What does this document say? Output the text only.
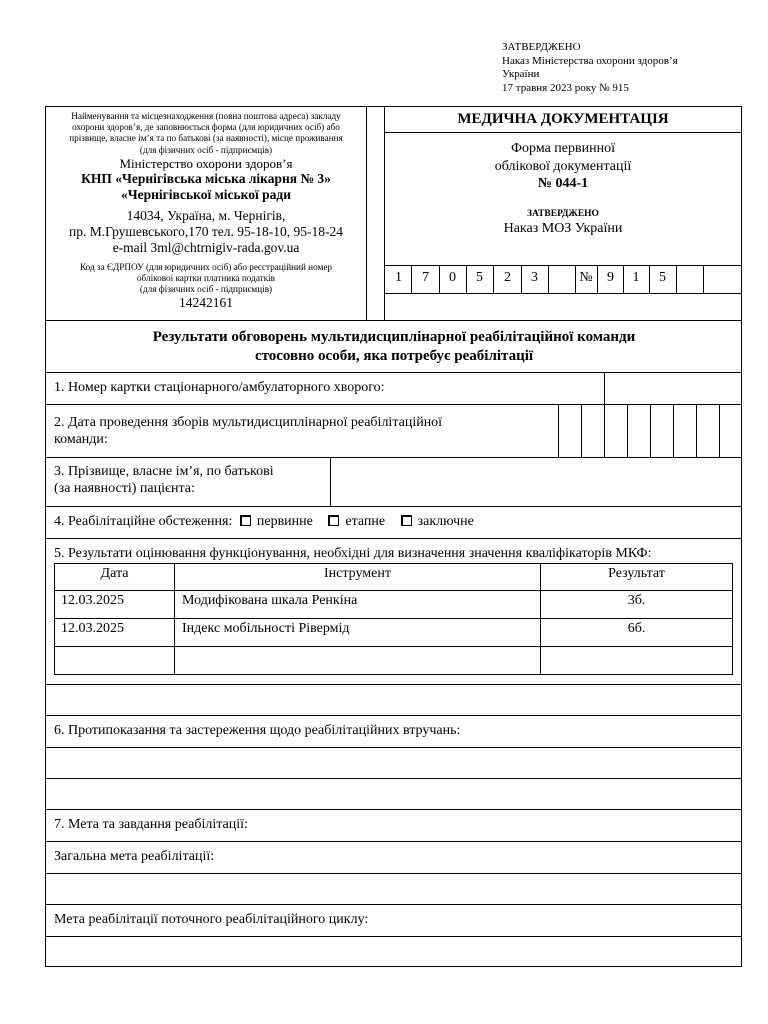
ЗАТВЕРДЖЕНО
Наказ Міністерства охорони здоров’я
України
17 травня 2023 року № 915
Найменування та місцезнаходження (повна поштова адреса) закладу
охорони здоров’я, де заповнюється форма (для юридичних осіб) або
прізвище, власне ім’я та по батькові (за наявності), місце проживання
(для фізичних осіб - підприємців)
Міністерство охорони здоров’я
КНП «Чернігівська міська лікарня № 3»
«Чернігівської міської ради
14034, Україна, м. Чернігів,
пр. М.Грушевського,170 тел. 95-18-10, 95-18-24
e-mail 3ml@chtrnigiv-rada.gov.ua
Код за ЄДРПОУ (для юридичних осіб) або реєстраційний номер
облікової картки платника податків
(для фізичних осіб - підприємців)
14242161
МЕДИЧНА ДОКУМЕНТАЦІЯ
Форма первинної
облікової документації
№ 044-1
ЗАТВЕРДЖЕНО
Наказ МОЗ України
1	7	0	5	2	3	№	9	1	5
Результати обговорень мультидисциплінарної реабілітаційної команди
стосовно особи, яка потребує реабілітації
1. Номер картки стаціонарного/амбулаторного хворого:
2. Дата проведення зборів мультидисциплінарної реабілітаційної
команди:
3. Прізвище, власне ім’я, по батькові
(за наявності) пацієнта:
4. Реабілітаційне обстеження: первинне етапне заключне
5. Результати оцінювання функціонування, необхідні для визначення значення кваліфікаторів МКФ:
6. Протипоказання та застереження щодо реабілітаційних втручань:
7. Мета та завдання реабілітації:
Загальна мета реабілітації:
Мета реабілітації поточного реабілітаційного циклу:
Дата	Інструмент	Результат
12.03.2025	Модифікована шкала Ренкіна	3б.
12.03.2025	Індекс мобільності Рівермід	6б.
